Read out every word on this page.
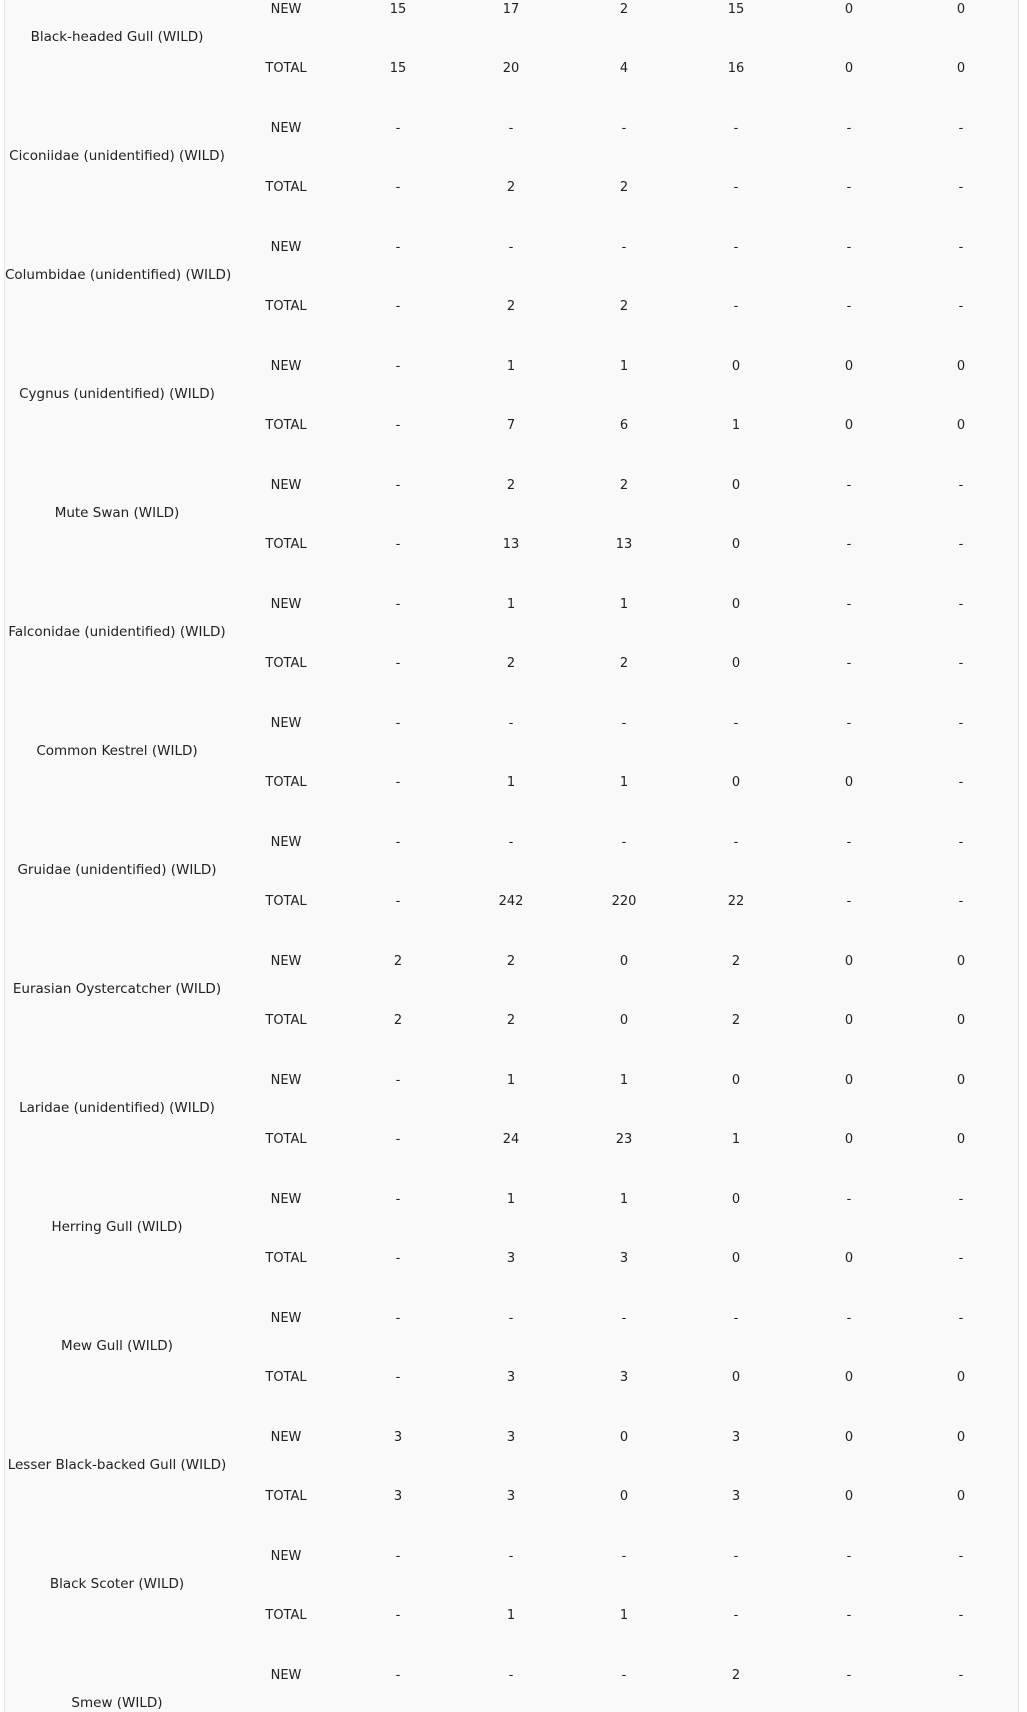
Black-headed Gull (WILD)
NEW	15	17	2	15	0	0
TOTAL	15	20	4	16	0	0
Ciconiidae (unidentified) (WILD)
NEW	-	-	-	-	-	-
TOTAL	-	2	2	-	-	-
Columbidae (unidentified) (WILD)
NEW	-	-	-	-	-	-
TOTAL	-	2	2	-	-	-
Cygnus (unidentified) (WILD)
NEW	-	1	1	0	0	0
TOTAL	-	7	6	1	0	0
Mute Swan (WILD)
NEW	-	2	2	0	-	-
TOTAL	-	13	13	0	-	-
Falconidae (unidentified) (WILD)
NEW	-	1	1	0	-	-
TOTAL	-	2	2	0	-	-
Common Kestrel (WILD)
NEW	-	-	-	-	-	-
TOTAL	-	1	1	0	0	-
Gruidae (unidentified) (WILD)
NEW	-	-	-	-	-	-
TOTAL	-	242	220	22	-	-
Eurasian Oystercatcher (WILD)
NEW	2	2	0	2	0	0
TOTAL	2	2	0	2	0	0
Laridae (unidentified) (WILD)
NEW	-	1	1	0	0	0
TOTAL	-	24	23	1	0	0
Herring Gull (WILD)
NEW	-	1	1	0	-	-
TOTAL	-	3	3	0	0	-
Mew Gull (WILD)
NEW	-	-	-	-	-	-
TOTAL	-	3	3	0	0	0
Lesser Black-backed Gull (WILD)
NEW	3	3	0	3	0	0
TOTAL	3	3	0	3	0	0
Black Scoter (WILD)
NEW	-	-	-	-	-	-
TOTAL	-	1	1	-	-	-
Smew (WILD)
NEW	-	-	-	2	-	-
